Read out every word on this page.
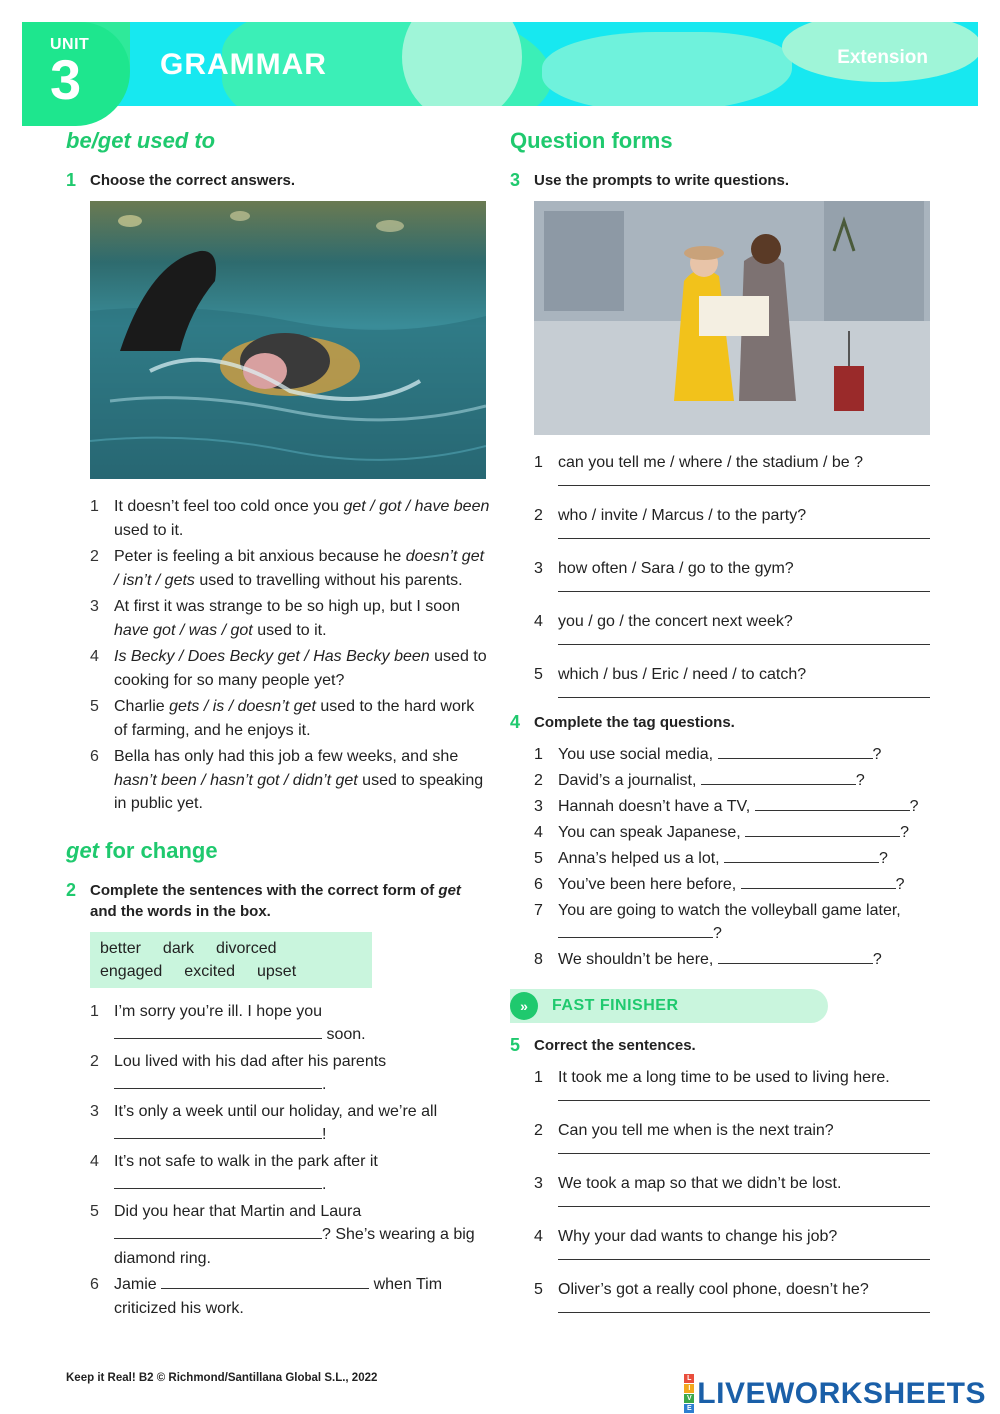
UNIT
3	GRAMMAR	Extension
be/get used to
1 Choose the correct answers.
1 It doesn’t feel too cold once you get / got / have been used to it.
2 Peter is feeling a bit anxious because he doesn’t get / isn’t / gets used to travelling without his parents.
3 At first it was strange to be so high up, but I soon have got / was / got used to it.
4 Is Becky / Does Becky get / Has Becky been used to cooking for so many people yet?
5 Charlie gets / is / doesn’t get used to the hard work of farming, and he enjoys it.
6 Bella has only had this job a few weeks, and she hasn’t been / hasn’t got / didn’t get used to speaking in public yet.
get for change
2 Complete the sentences with the correct form of get and the words in the box.
better dark divorced
engaged excited upset
1 I’m sorry you’re ill. I hope you
soon.
2 Lou lived with his dad after his parents
.
3 It’s only a week until our holiday, and we’re all !
4 It’s not safe to walk in the park after it
.
5 Did you hear that Martin and Laura
? She’s wearing a big diamond ring.
6 Jamie	when Tim criticized his work.
Question forms
3 Use the prompts to write questions.
1 can you tell me / where / the stadium / be ?
2 who / invite / Marcus / to the party?
3 how often / Sara / go to the gym?
4 you / go / the concert next week?
5 which / bus / Eric / need / to catch?
4 Complete the tag questions.
1 You use social media,	?
2 David’s a journalist,	?
3 Hannah doesn’t have a TV,	?
4 You can speak Japanese,	?
5 Anna’s helped us a lot,	?
6 You’ve been here before,	?
7 You are going to watch the volleyball game later,
?
8 We shouldn’t be here,	?
»	FAST FINISHER
5 Correct the sentences.
1 It took me a long time to be used to living here.
2 Can you tell me when is the next train?
3 We took a map so that we didn’t be lost.
4 Why your dad wants to change his job?
5 Oliver’s got a really cool phone, doesn’t he?
Keep it Real! B2 © Richmond/Santillana Global S.L., 2022	L
I
V
E LIVEWORKSHEETS
